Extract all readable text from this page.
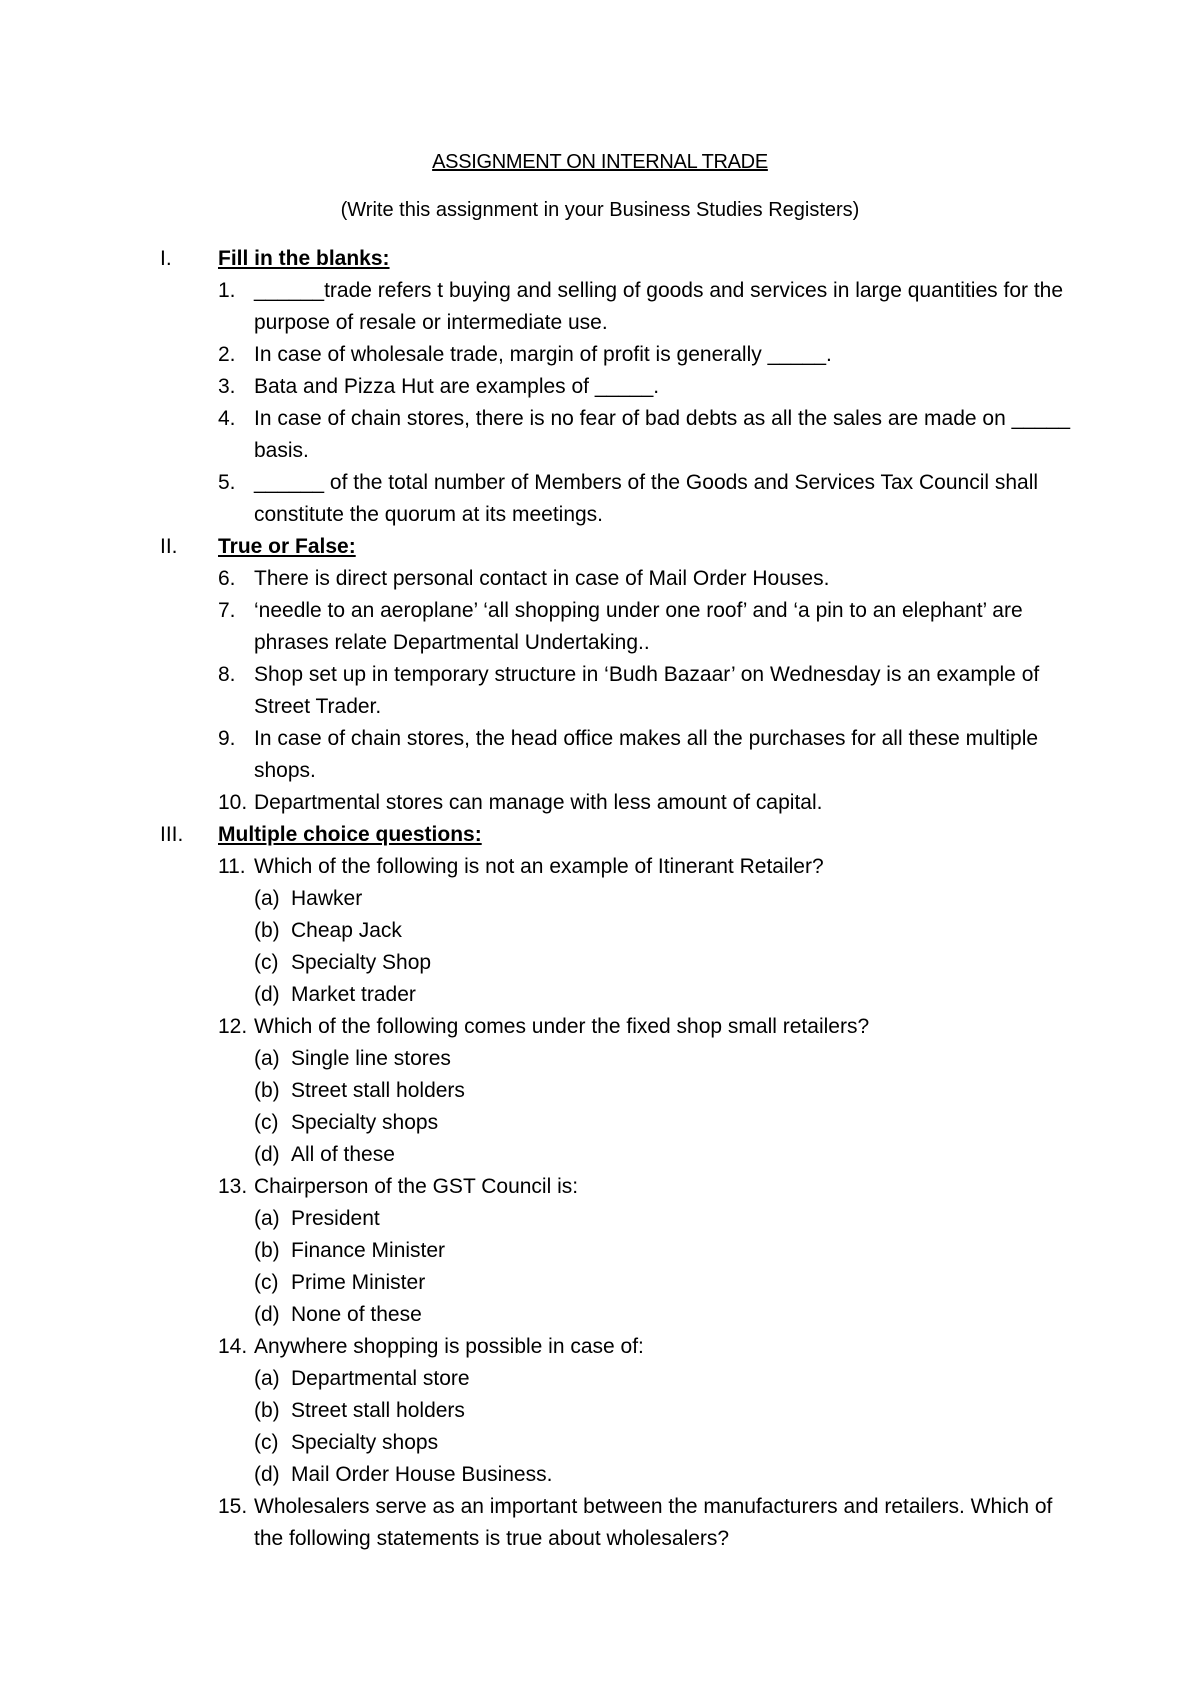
ASSIGNMENT ON INTERNAL TRADE
(Write this assignment in your Business Studies Registers)
I.	Fill in the blanks:
1. ______trade refers t buying and selling of goods and services in large quantities for the purpose of resale or intermediate use.
2. In case of wholesale trade, margin of profit is generally _____.
3. Bata and Pizza Hut are examples of _____.
4. In case of chain stores, there is no fear of bad debts as all the sales are made on _____ basis.
5. ______ of the total number of Members of the Goods and Services Tax Council shall constitute the quorum at its meetings.
II.	True or False:
6. There is direct personal contact in case of Mail Order Houses.
7. ‘needle to an aeroplane’ ‘all shopping under one roof’ and ‘a pin to an elephant’ are phrases relate Departmental Undertaking..
8. Shop set up in temporary structure in ‘Budh Bazaar’ on Wednesday is an example of Street Trader.
9. In case of chain stores, the head office makes all the purchases for all these multiple shops.
10. Departmental stores can manage with less amount of capital.
III.	Multiple choice questions:
11. Which of the following is not an example of Itinerant Retailer?
(a) Hawker
(b) Cheap Jack
(c) Specialty Shop
(d) Market trader
12. Which of the following comes under the fixed shop small retailers?
(a) Single line stores
(b) Street stall holders
(c) Specialty shops
(d) All of these
13. Chairperson of the GST Council is:
(a) President
(b) Finance Minister
(c) Prime Minister
(d) None of these
14. Anywhere shopping is possible in case of:
(a) Departmental store
(b) Street stall holders
(c) Specialty shops
(d) Mail Order House Business.
15. Wholesalers serve as an important between the manufacturers and retailers. Which of the following statements is true about wholesalers?
